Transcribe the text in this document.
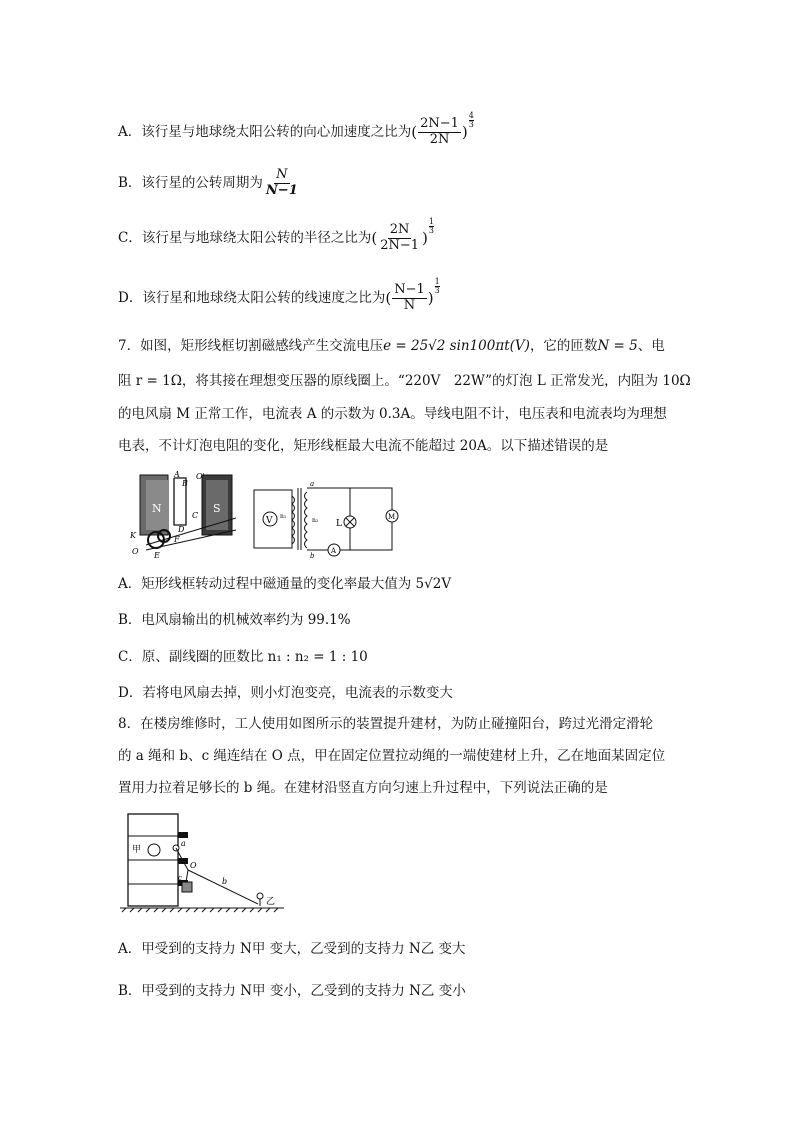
A．该行星与地球绕太阳公转的向心加速度之比为( $\frac{2N-1}{2N}$ )
$\frac{4}{3}$
B．该行星的公转周期为 $\frac{N}{N-1}$
C．该行星与地球绕太阳公转的半径之比为( $\frac{2N}{2N-1}$ )
$\frac{1}{3}$
D．该行星和地球绕太阳公转的线速度之比为( $\frac{N-1}{N}$ )
$\frac{1}{3}$
7．如图，矩形线框切割磁感线产生交流电压e = 25√2 sin100πt(V)，它的匝数N = 5、电
阻 r = 1Ω，将其接在理想变压器的原线圈上。“220V　22W”的灯泡 L 正常发光，内阻为 10Ω
的电风扇 M 正常工作，电流表 A 的示数为 0.3A。导线电阻不计，电压表和电流表均为理想
电表，不计灯泡电阻的变化，矩形线框最大电流不能超过 20A。以下描述错误的是
N	S
A
B
O'
C
D
K	F
O E
V n₁
a
b
n₂ L
M
A
A．矩形线框转动过程中磁通量的变化率最大值为 5√2V
B．电风扇输出的机械效率约为 99.1%
C．原、副线圈的匝数比 n₁ : n₂ = 1 : 10
D．若将电风扇去掉，则小灯泡变亮，电流表的示数变大
8．在楼房维修时，工人使用如图所示的装置提升建材，为防止碰撞阳台，跨过光滑定滑轮
的 a 绳和 b、c 绳连结在 O 点，甲在固定位置拉动绳的一端使建材上升，乙在地面某固定位
置用力拉着足够长的 b 绳。在建材沿竖直方向匀速上升过程中，下列说法正确的是
甲
a
O
c	b
乙
A．甲受到的支持力 N甲 变大，乙受到的支持力 N乙 变大
B．甲受到的支持力 N甲 变小，乙受到的支持力 N乙 变小
